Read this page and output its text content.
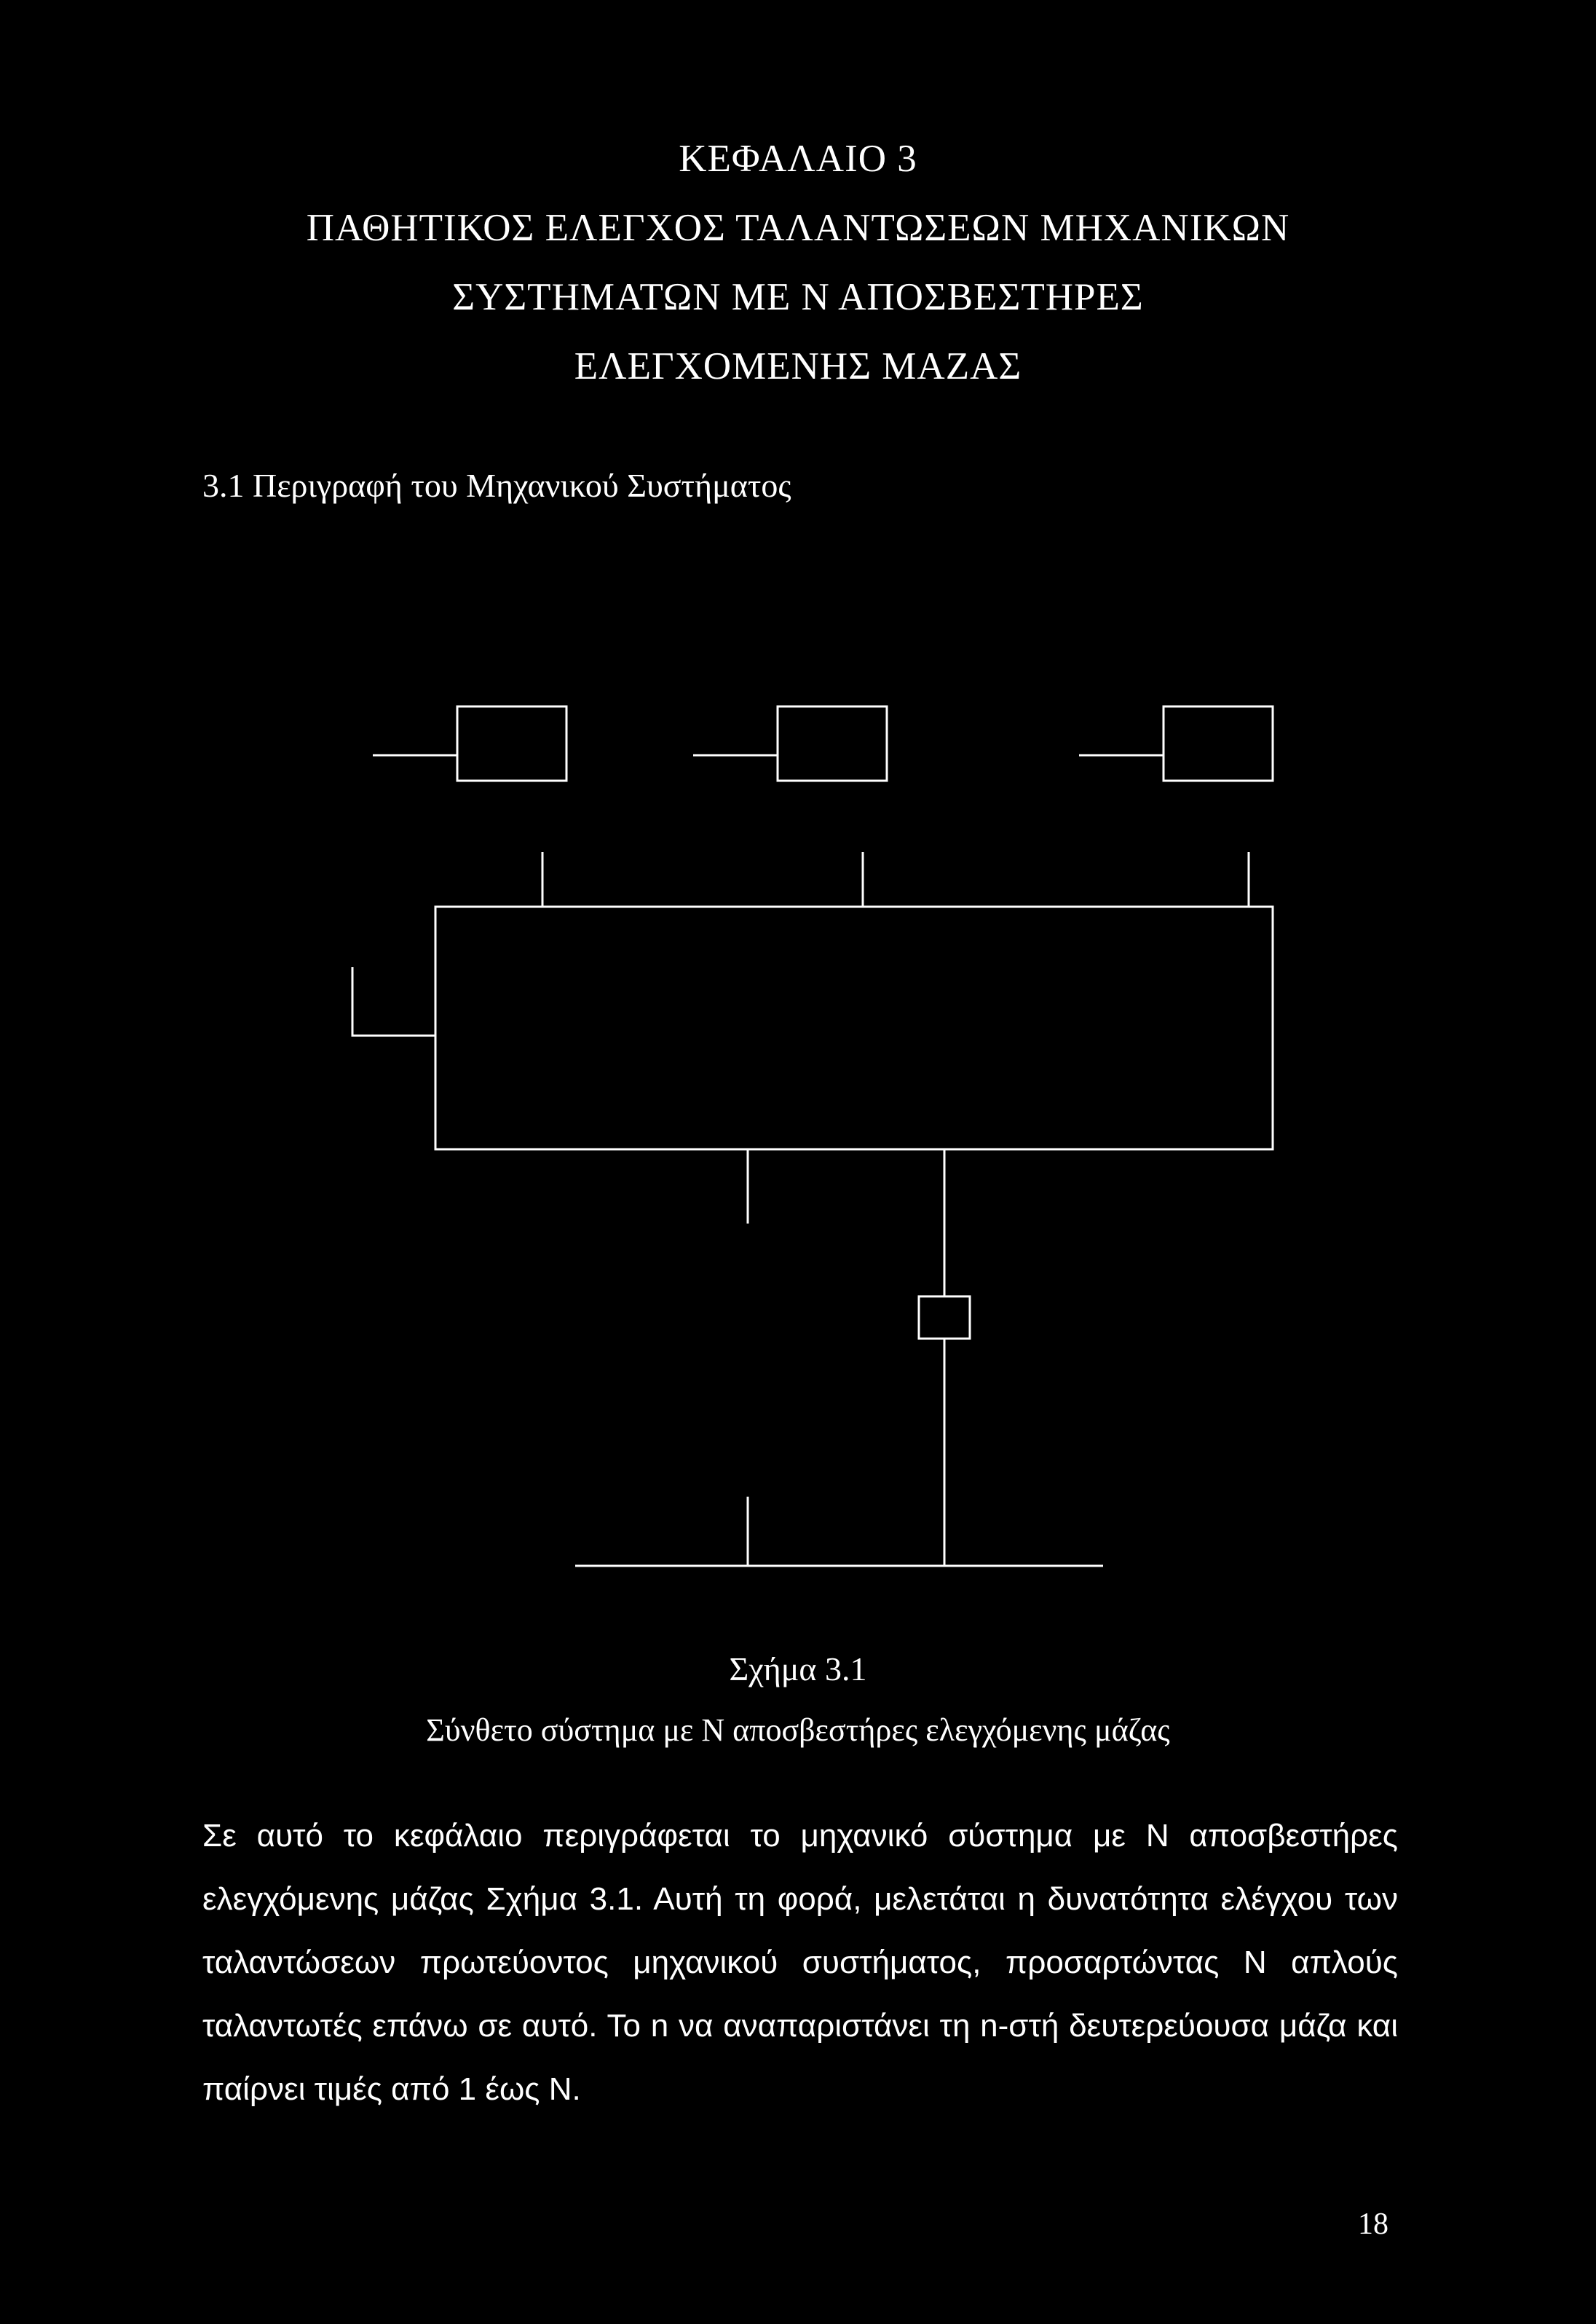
ΚΕΦΑΛΑΙΟ 3
ΠΑΘΗΤΙΚΟΣ ΕΛΕΓΧΟΣ ΤΑΛΑΝΤΩΣΕΩΝ ΜΗΧΑΝΙΚΩΝ
ΣΥΣΤΗΜΑΤΩΝ ΜΕ Ν ΑΠΟΣΒΕΣΤΗΡΕΣ
ΕΛΕΓΧΟΜΕΝΗΣ ΜΑΖΑΣ
3.1 Περιγραφή του Μηχανικού Συστήματος
Σχήμα 3.1
Σύνθετο σύστημα με Ν αποσβεστήρες ελεγχόμενης μάζας
Σε αυτό το κεφάλαιο περιγράφεται το μηχανικό σύστημα με Ν αποσβεστήρες
ελεγχόμενης μάζας Σχήμα 3.1. Αυτή τη φορά, μελετάται η δυνατότητα ελέγχου των
ταλαντώσεων πρωτεύοντος μηχανικού συστήματος, προσαρτώντας Ν απλούς
ταλαντωτές επάνω σε αυτό. Το n να αναπαριστάνει τη n-στή δευτερεύουσα μάζα και
παίρνει τιμές από 1 έως Ν.
18
